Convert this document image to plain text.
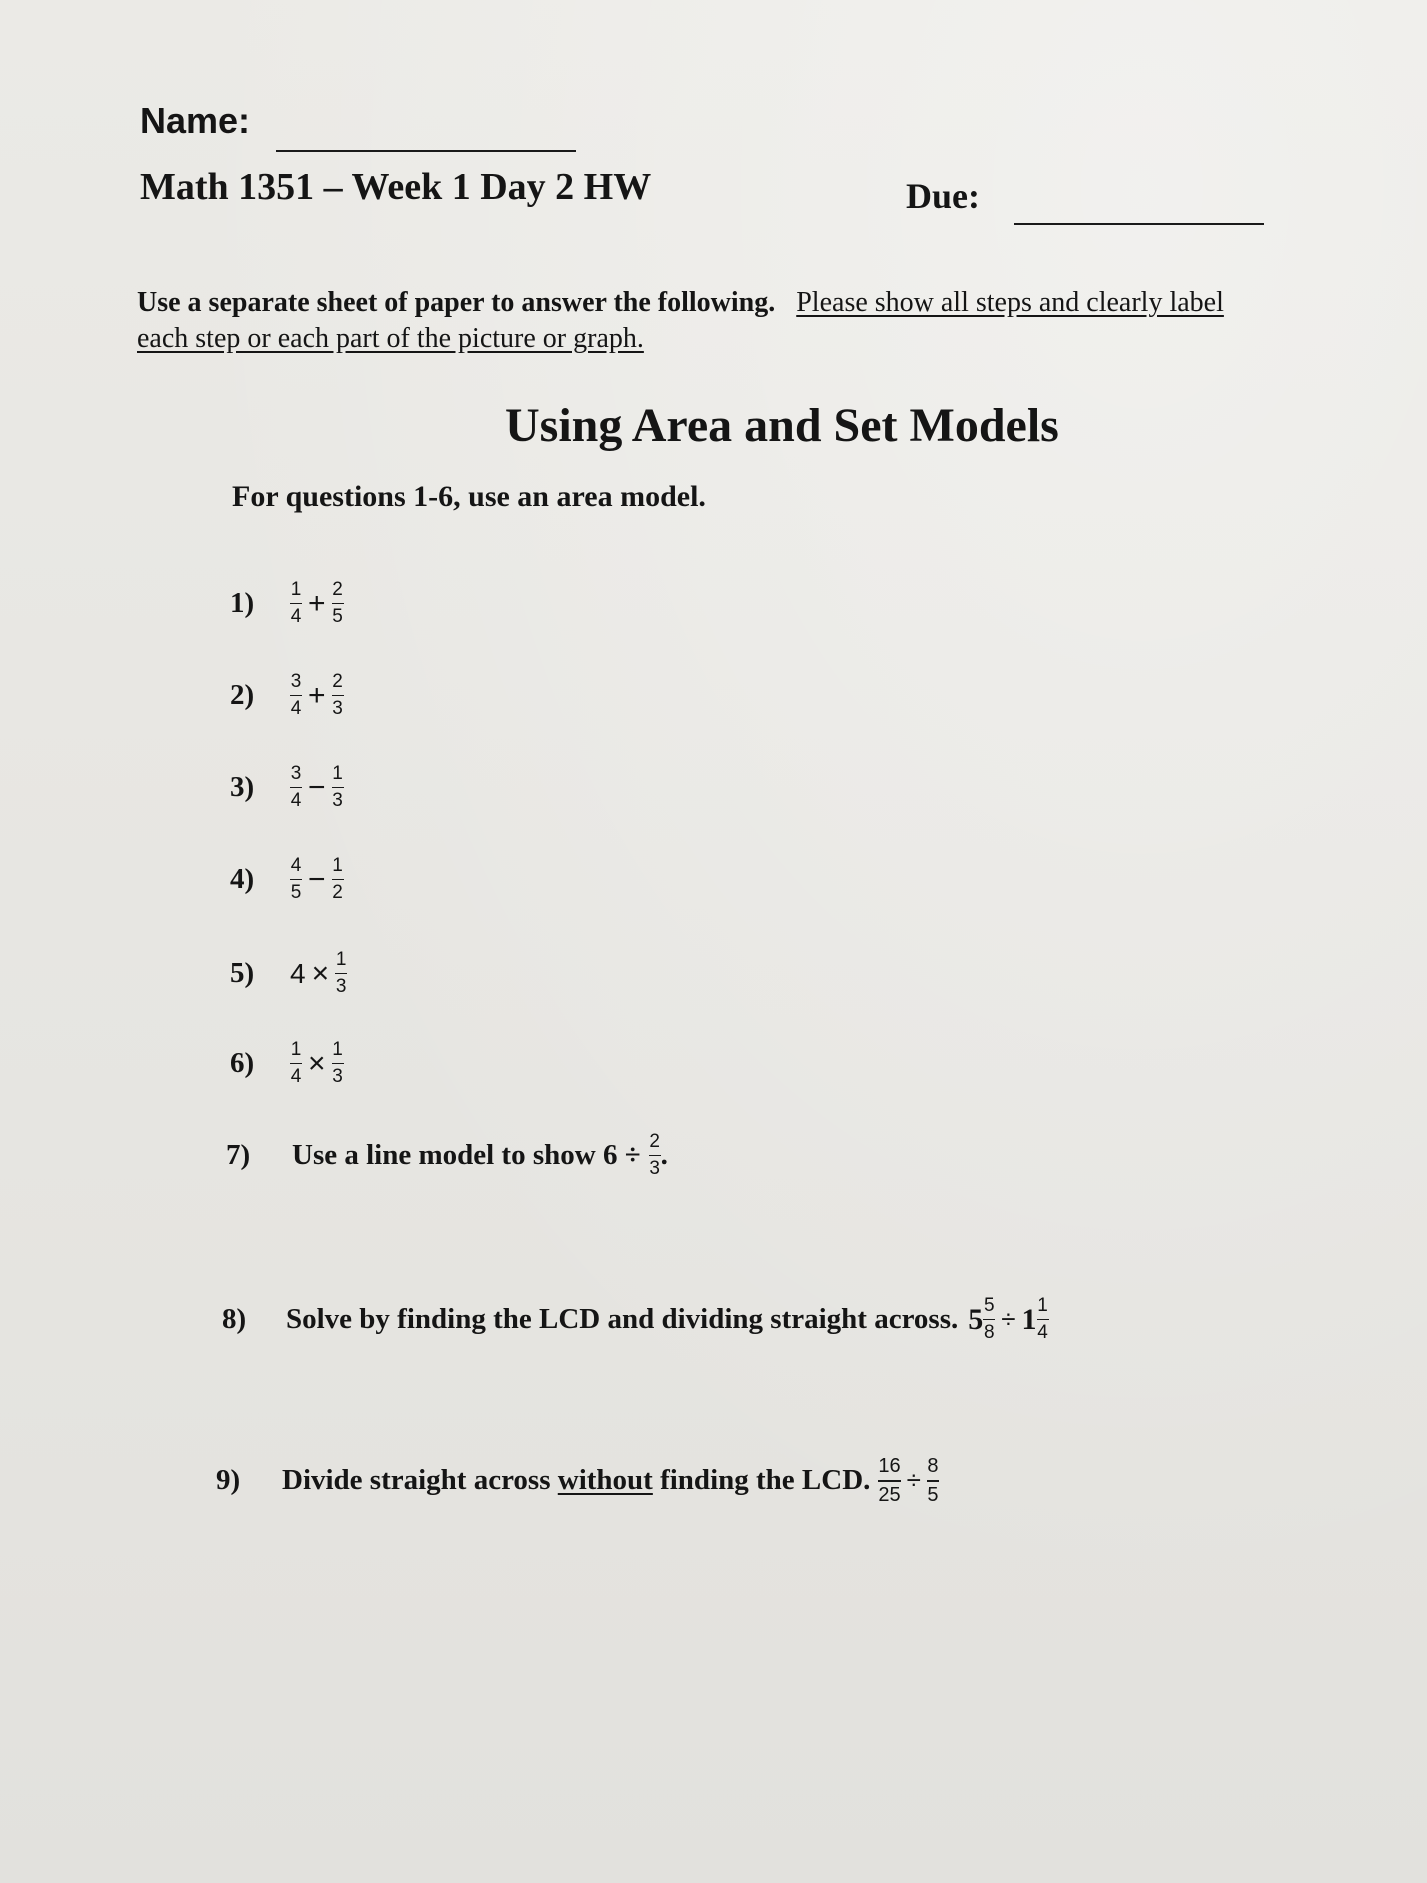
Name:
Math 1351 – Week 1 Day 2 HW	Due:
Use a separate sheet of paper to answer the following. Please show all steps and clearly label
each step or each part of the picture or graph.
Using Area and Set Models
For questions 1-6, use an area model.
1)	$\frac{1}{4} + \frac{2}{5}$
2)	$\frac{3}{4} + \frac{2}{3}$
3)	$\frac{3}{4} - \frac{1}{3}$
4)	$\frac{4}{5} - \frac{1}{2}$
5)	$4 \times \frac{1}{3}$
6)	$\frac{1}{4} \times \frac{1}{3}$
7)	Use a line model to show $6 \div \frac{2}{3}$ .
8)	Solve by finding the LCD and dividing straight across. $5 \frac{5}{8} \div 1 \frac{1}{4}$
9)	Divide straight across without finding the LCD. $\frac{16}{25} \div \frac{8}{5}$
